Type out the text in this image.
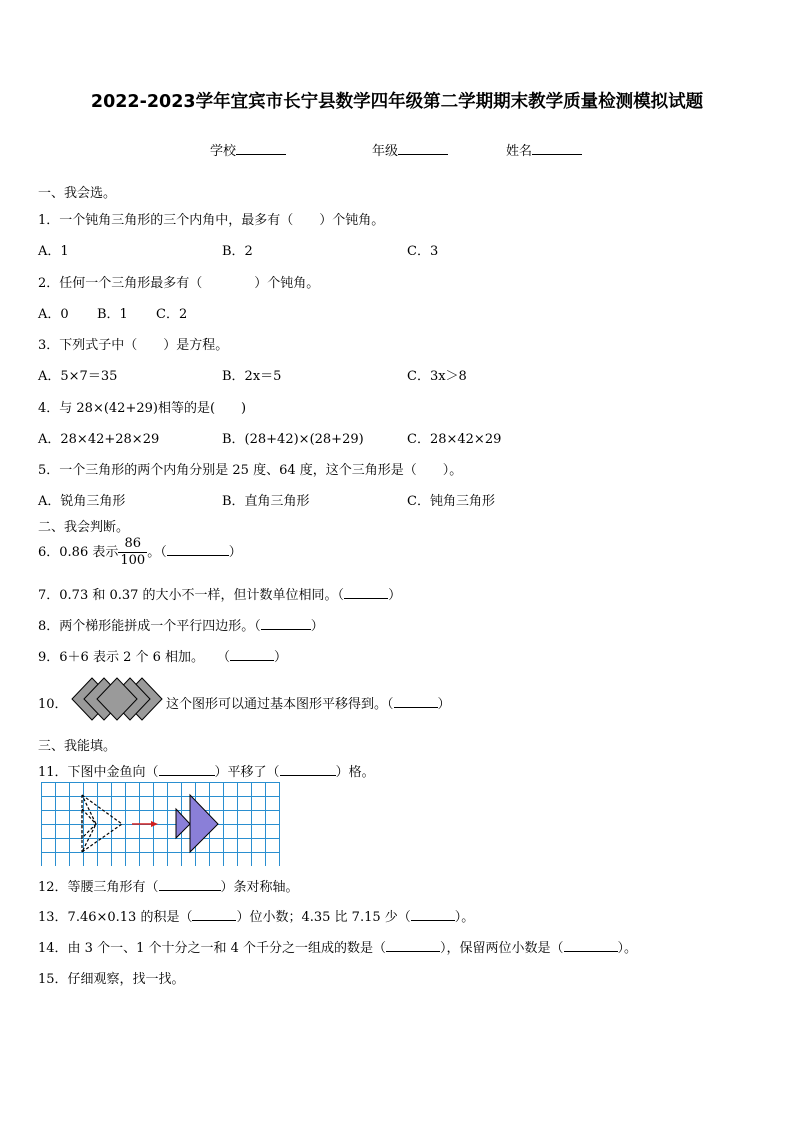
2022-2023学年宜宾市长宁县数学四年级第二学期期末教学质量检测模拟试题
学校	年级	姓名
一、我会选。
1．一个钝角三角形的三个内角中，最多有（　　）个钝角。
A．1	B．2	C．3
2．任何一个三角形最多有（　　　　）个钝角。
A．0 B．1 C．2
3．下列式子中（　　）是方程。
A．5×7＝35	B．2x＝5	C．3x＞8
4．与 28×(42+29)相等的是(　　)
A．28×42+28×29	B．(28+42)×(28+29)	C．28×42×29
5．一个三角形的两个内角分别是 25 度、64 度，这个三角形是（　　）。
A．锐角三角形	B．直角三角形	C．钝角三角形
二、我会判断。
6．0.86 表示 $\frac{86}{100}$ 。（	）
7．0.73 和 0.37 的大小不一样，但计数单位相同。（	）
8．两个梯形能拼成一个平行四边形。（	）
9．6＋6 表示 2 个 6 相加。　　（	）
10．	这个图形可以通过基本图形平移得到。（	）
三、我能填。
11．下图中金鱼向（	）平移了（	）格。
12．等腰三角形有（	）条对称轴。
13．7.46×0.13 的积是（	）位小数；4.35 比 7.15 少（	）。
14．由 3 个一、1 个十分之一和 4 个千分之一组成的数是（	），保留两位小数是（	）。
15．仔细观察，找一找。
